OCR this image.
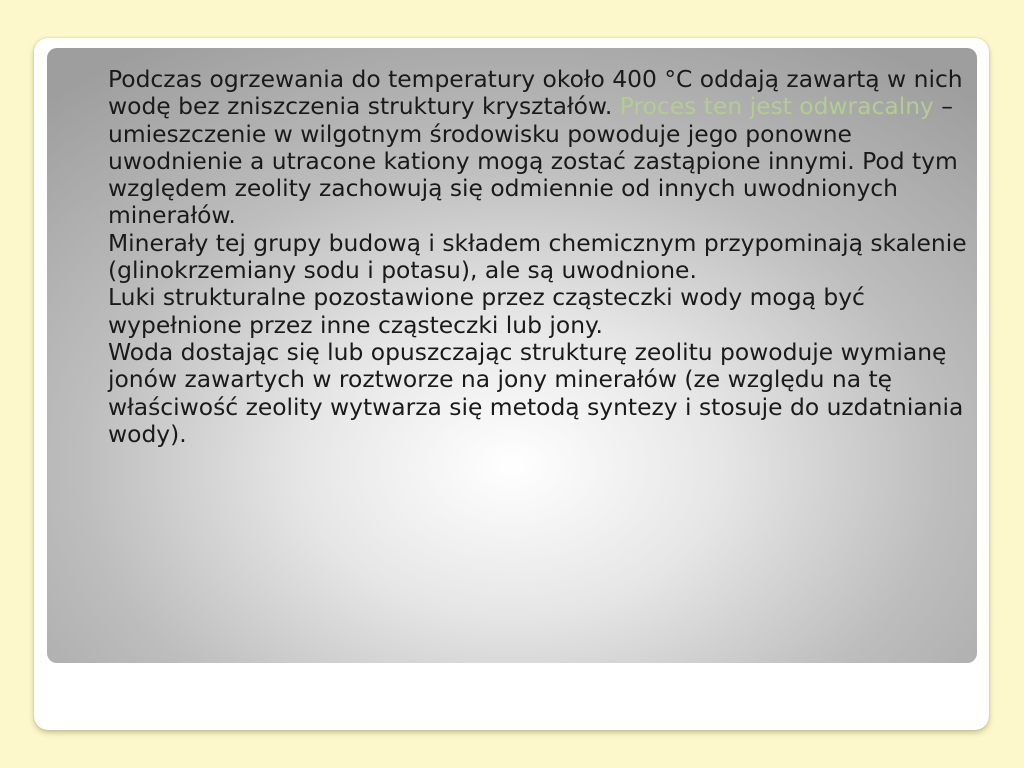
Podczas ogrzewania do temperatury około 400 °C oddają zawartą w nich wodę bez zniszczenia struktury kryształów. Proces ten jest odwracalny – umieszczenie w wilgotnym środowisku powoduje jego ponowne uwodnienie a utracone kationy mogą zostać zastąpione innymi. Pod tym względem zeolity zachowują się odmiennie od innych uwodnionych minerałów.

Minerały tej grupy budową i składem chemicznym przypominają skalenie (glinokrzemiany sodu i potasu), ale są uwodnione.

Luki strukturalne pozostawione przez cząsteczki wody mogą być wypełnione przez inne cząsteczki lub jony.

Woda dostając się lub opuszczając strukturę zeolitu powoduje wymianę jonów zawartych w roztworze na jony minerałów (ze względu na tę właściwość zeolity wytwarza się metodą syntezy i stosuje do uzdatniania wody).
